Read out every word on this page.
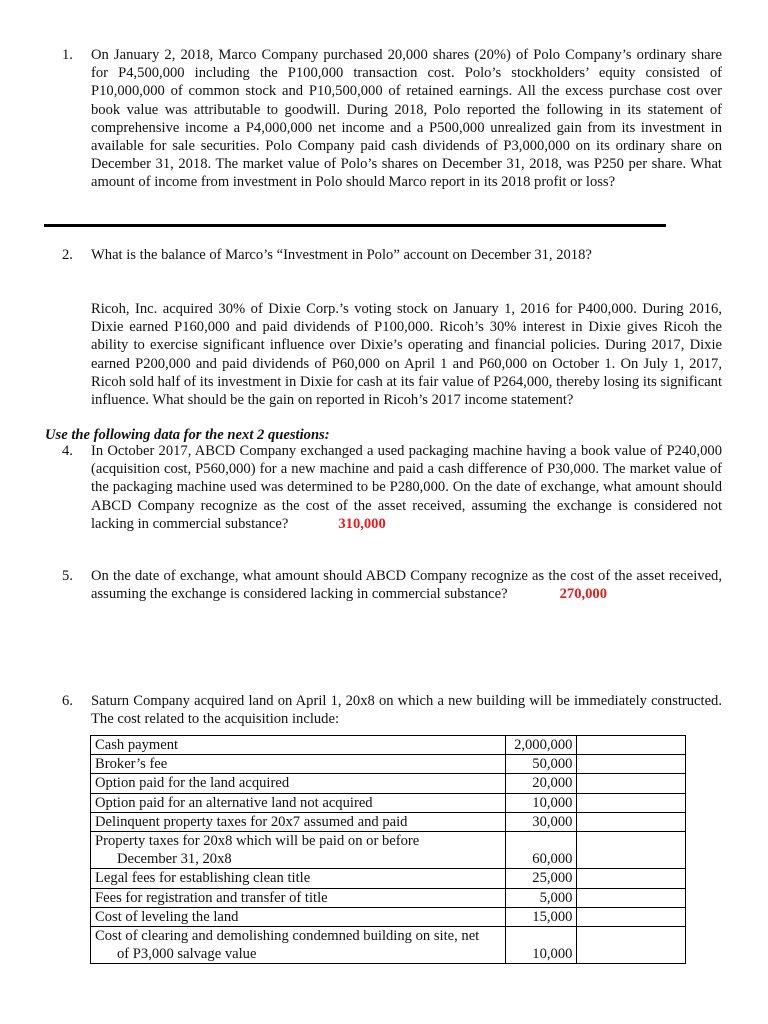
1.	On January 2, 2018, Marco Company purchased 20,000 shares (20%) of Polo Company’s ordinary share for P4,500,000 including the P100,000 transaction cost. Polo’s stockholders’ equity consisted of P10,000,000 of common stock and P10,500,000 of retained earnings. All the excess purchase cost over book value was attributable to goodwill. During 2018, Polo reported the following in its statement of comprehensive income a P4,000,000 net income and a P500,000 unrealized gain from its investment in available for sale securities. Polo Company paid cash dividends of P3,000,000 on its ordinary share on December 31, 2018. The market value of Polo’s shares on December 31, 2018, was P250 per share. What amount of income from investment in Polo should Marco report in its 2018 profit or loss?
2.	What is the balance of Marco’s “Investment in Polo” account on December 31, 2018?
Ricoh, Inc. acquired 30% of Dixie Corp.’s voting stock on January 1, 2016 for P400,000. During 2016, Dixie earned P160,000 and paid dividends of P100,000. Ricoh’s 30% interest in Dixie gives Ricoh the ability to exercise significant influence over Dixie’s operating and financial policies. During 2017, Dixie earned P200,000 and paid dividends of P60,000 on April 1 and P60,000 on October 1. On July 1, 2017, Ricoh sold half of its investment in Dixie for cash at its fair value of P264,000, thereby losing its significant influence. What should be the gain on reported in Ricoh’s 2017 income statement?
Use the following data for the next 2 questions:
4.	In October 2017, ABCD Company exchanged a used packaging machine having a book value of P240,000 (acquisition cost, P560,000) for a new machine and paid a cash difference of P30,000. The market value of the packaging machine used was determined to be P280,000. On the date of exchange, what amount should ABCD Company recognize as the cost of the asset received, assuming the exchange is considered not lacking in commercial substance?	310,000
5.	On the date of exchange, what amount should ABCD Company recognize as the cost of the asset received, assuming the exchange is considered lacking in commercial substance?	270,000
6.	Saturn Company acquired land on April 1, 20x8 on which a new building will be immediately constructed. The cost related to the acquisition include:
Cash payment	2,000,000	
Broker’s fee	50,000	
Option paid for the land acquired	20,000	
Option paid for an alternative land not acquired	10,000	
Delinquent property taxes for 20x7 assumed and paid	30,000	
Property taxes for 20x8 which will be paid on or before
December 31, 20x8	60,000	
Legal fees for establishing clean title	25,000	
Fees for registration and transfer of title	5,000	
Cost of leveling the land	15,000	
Cost of clearing and demolishing condemned building on site, net
of P3,000 salvage value	10,000	
